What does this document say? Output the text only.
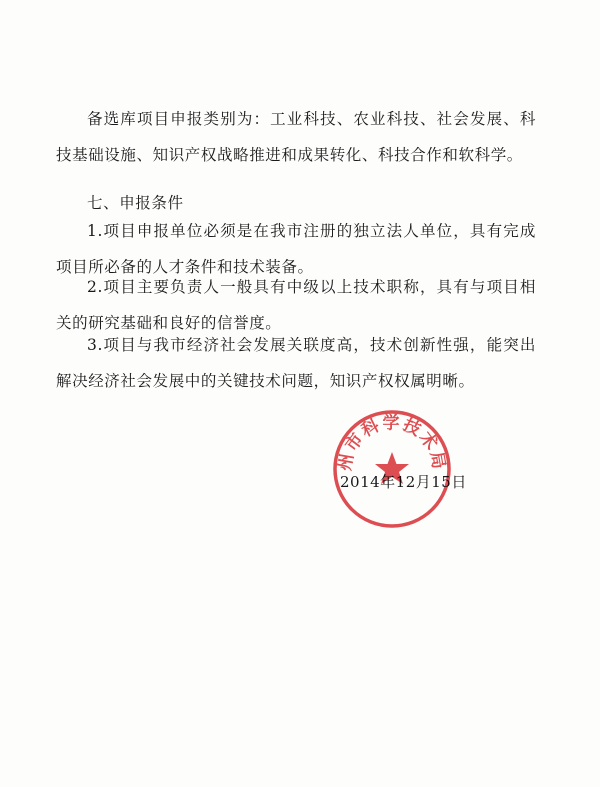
备选库项目申报类别为：工业科技、农业科技、社会发展、科技基础设施、知识产权战略推进和成果转化、科技合作和软科学。

七、申报条件

1.项目申报单位必须是在我市注册的独立法人单位，具有完成项目所必备的人才条件和技术装备。

2.项目主要负责人一般具有中级以上技术职称，具有与项目相关的研究基础和良好的信誉度。

3.项目与我市经济社会发展关联度高，技术创新性强，能突出解决经济社会发展中的关键技术问题，知识产权权属明晰。

2014年12月15日
州市科学技术局
